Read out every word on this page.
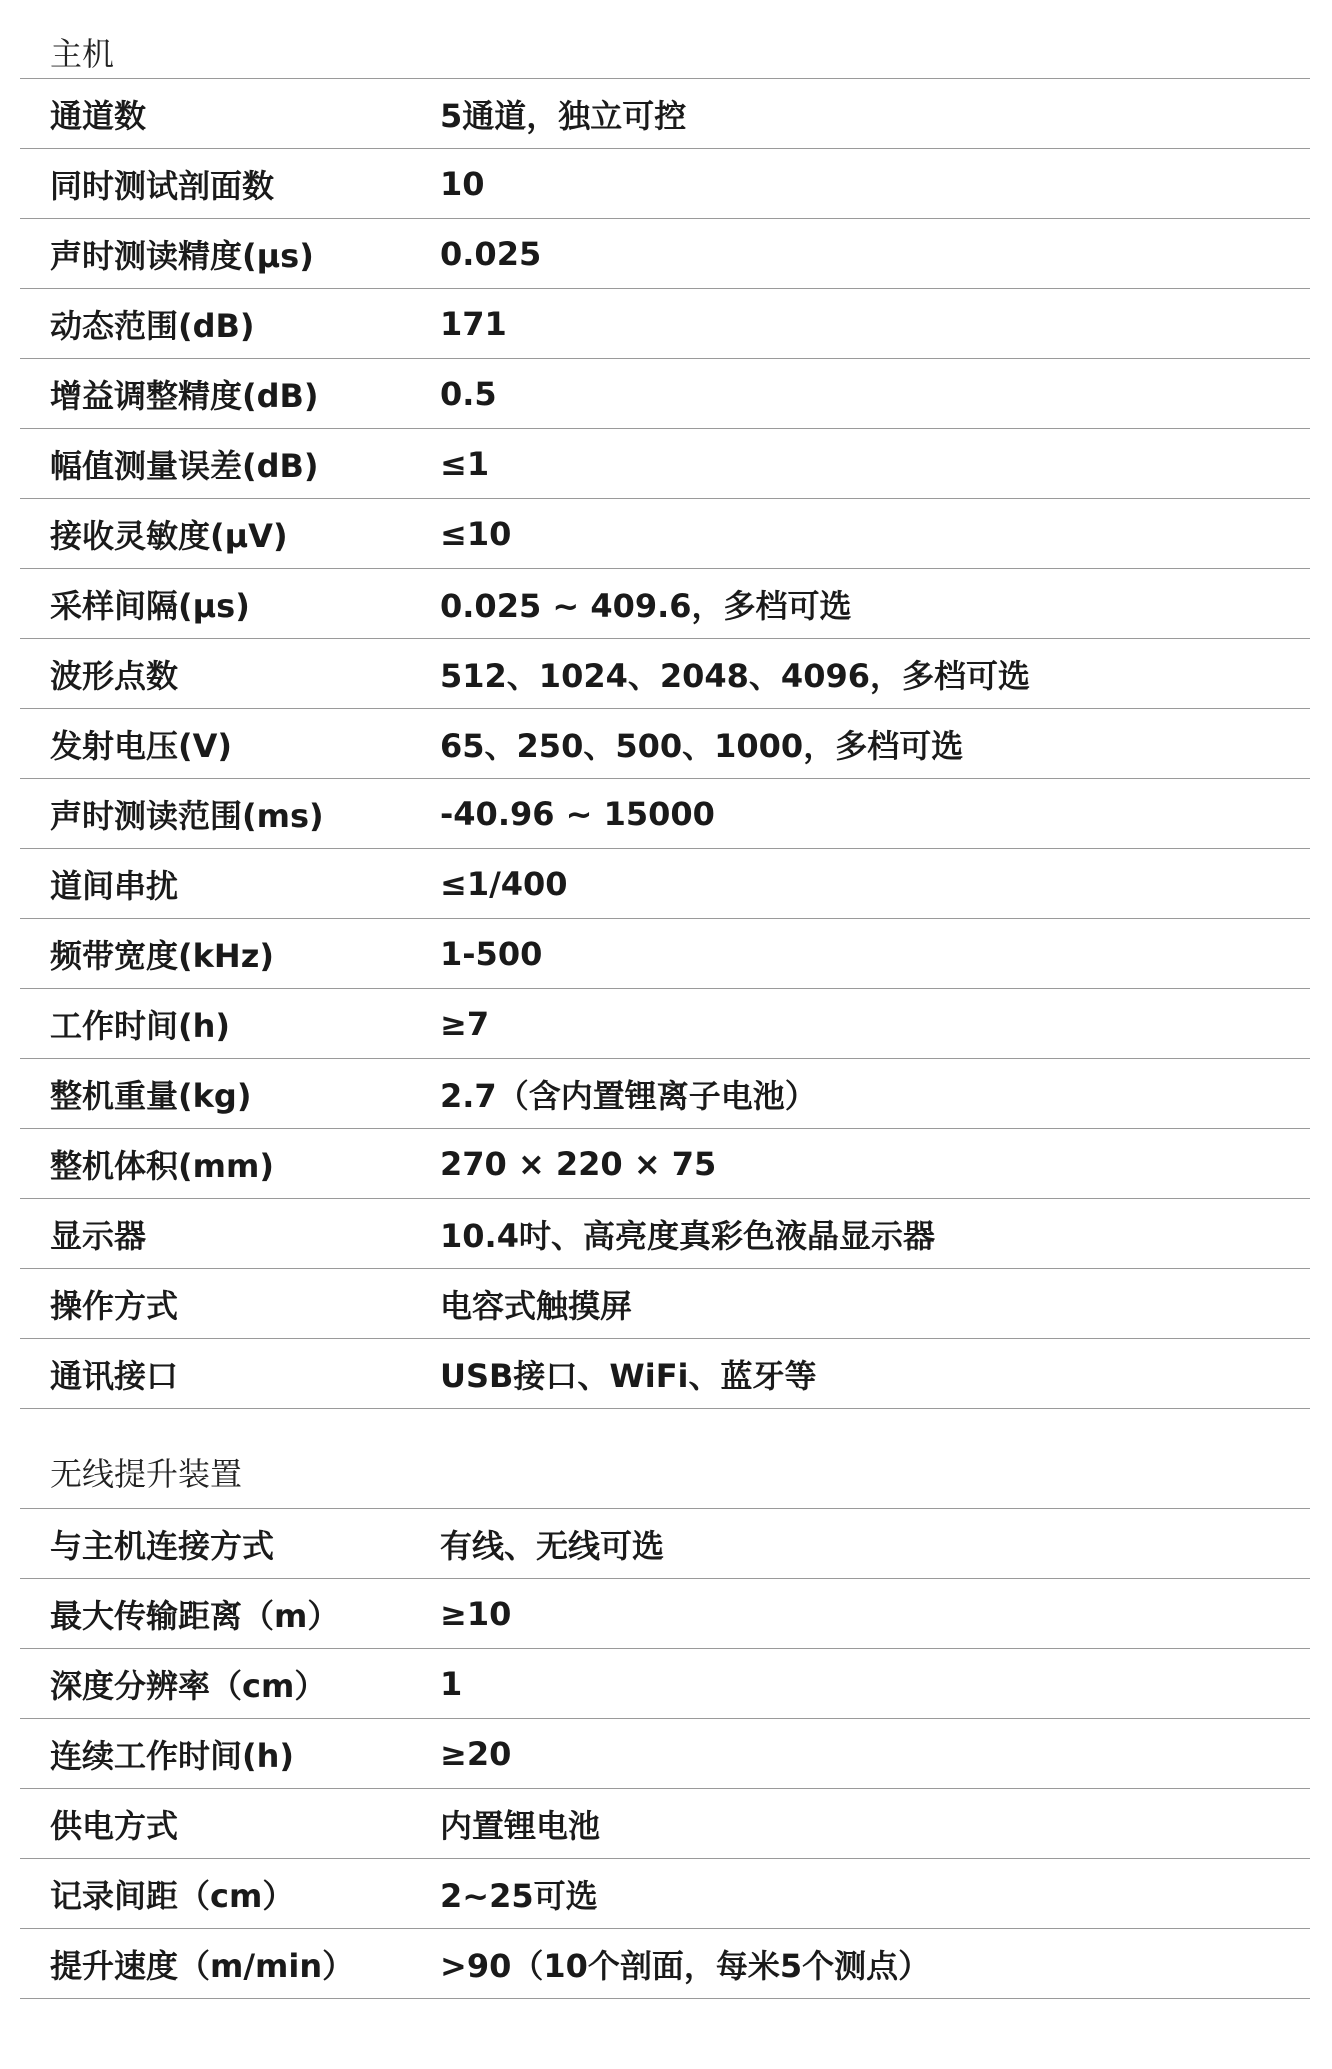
主机
通道数	5通道，独立可控
同时测试剖面数	10
声时测读精度(μs)	0.025
动态范围(dB)	171
增益调整精度(dB)	0.5
幅值测量误差(dB)	≤1
接收灵敏度(μV)	≤10
采样间隔(μs)	0.025 ~ 409.6，多档可选
波形点数	512、1024、2048、4096，多档可选
发射电压(V)	65、250、500、1000，多档可选
声时测读范围(ms)	-40.96 ~ 15000
道间串扰	≤1/400
频带宽度(kHz)	1-500
工作时间(h)	≥7
整机重量(kg)	2.7（含内置锂离子电池）
整机体积(mm)	270 × 220 × 75
显示器	10.4吋、高亮度真彩色液晶显示器
操作方式	电容式触摸屏
通讯接口	USB接口、WiFi、蓝牙等
无线提升装置
与主机连接方式	有线、无线可选
最大传输距离（m）	≥10
深度分辨率（cm）	1
连续工作时间(h)	≥20
供电方式	内置锂电池
记录间距（cm）	2~25可选
提升速度（m/min）	>90（10个剖面，每米5个测点）
